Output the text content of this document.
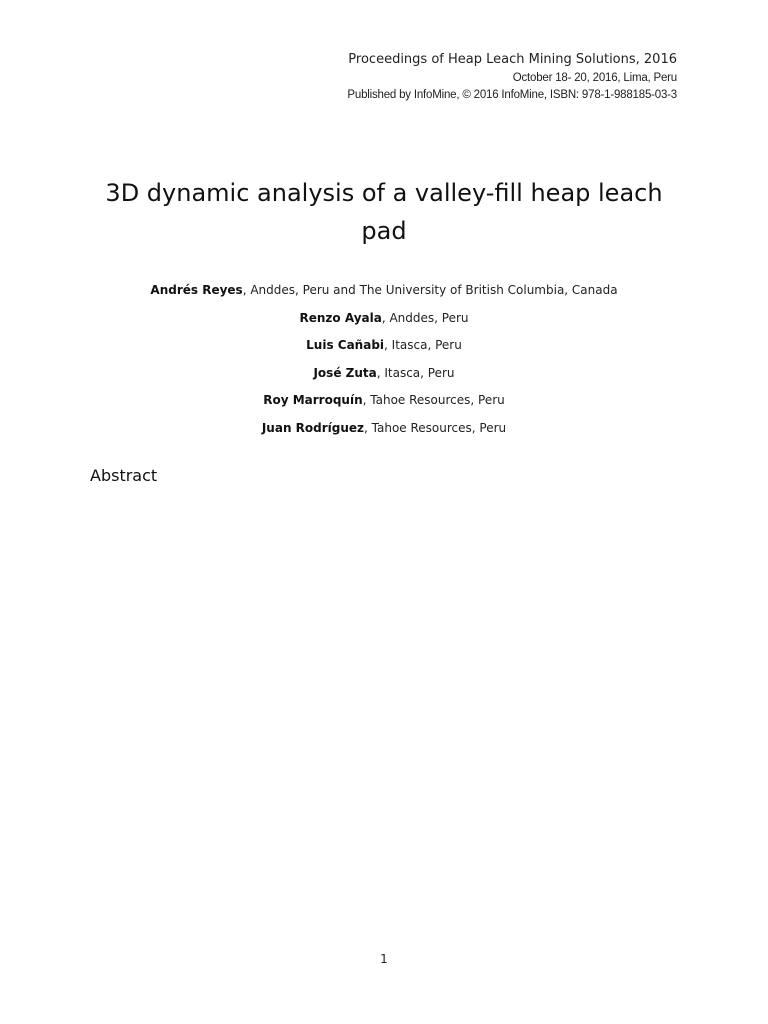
Proceedings of Heap Leach Mining Solutions, 2016
October 18- 20, 2016, Lima, Peru
Published by InfoMine, © 2016 InfoMine, ISBN: 978-1-988185-03-3
3D dynamic analysis of a valley-fill heap leach pad
Andrés Reyes, Anddes, Peru and The University of British Columbia, Canada
Renzo Ayala, Anddes, Peru
Luis Cañabi, Itasca, Peru
José Zuta, Itasca, Peru
Roy Marroquín, Tahoe Resources, Peru
Juan Rodríguez, Tahoe Resources, Peru
Abstract
1
